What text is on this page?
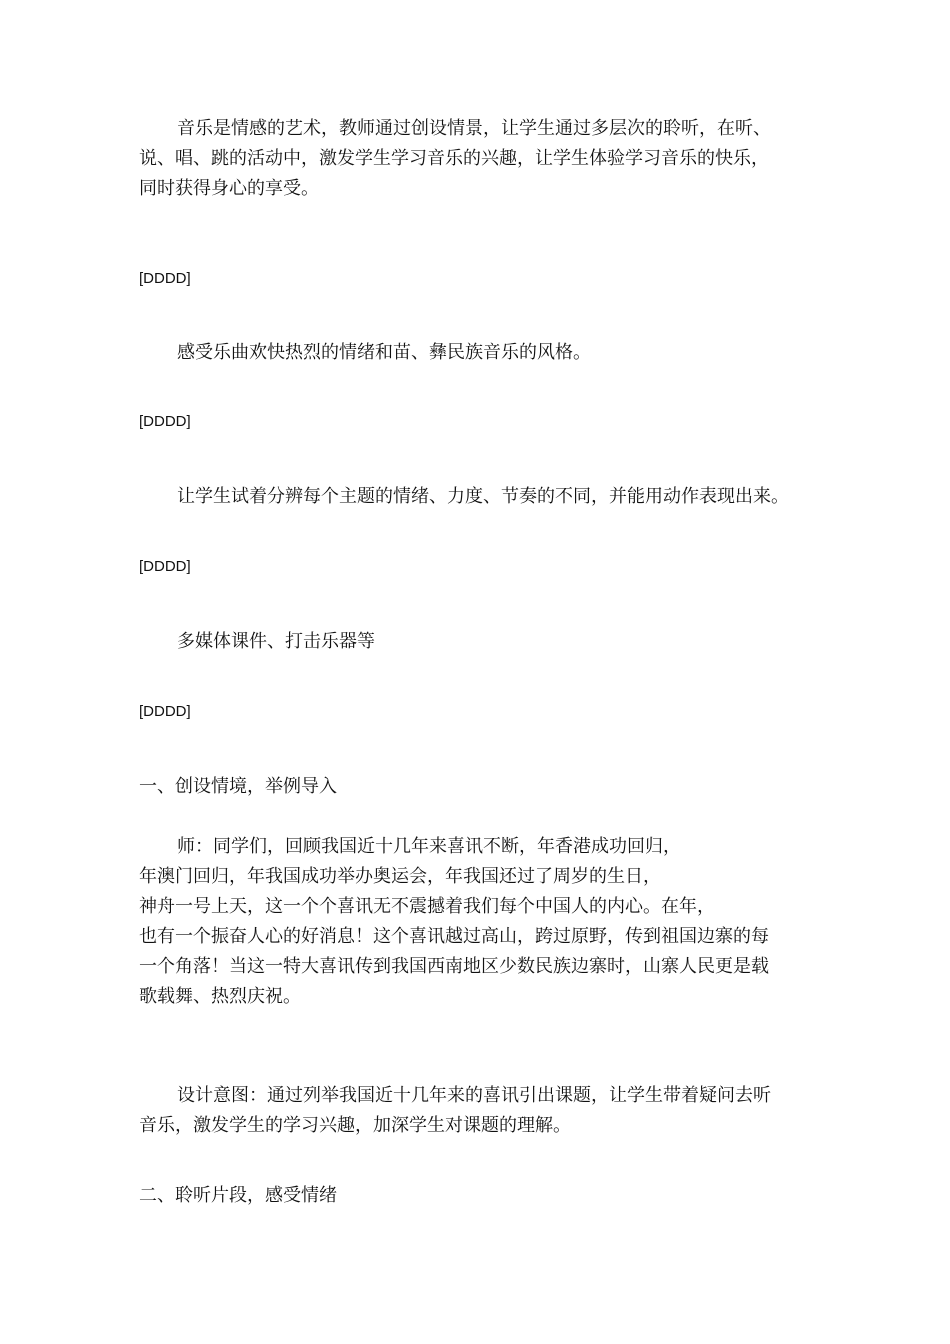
音乐是情感的艺术，教师通过创设情景，让学生通过多层次的聆听，在听、
说、唱、跳的活动中，激发学生学习音乐的兴趣，让学生体验学习音乐的快乐，
同时获得身心的享受。

[DDDD]

感受乐曲欢快热烈的情绪和苗、彝民族音乐的风格。

[DDDD]

让学生试着分辨每个主题的情绪、力度、节奏的不同，并能用动作表现出来。

[DDDD]

多媒体课件、打击乐器等

[DDDD]

一、创设情境，举例导入

师：同学们，回顾我国近十几年来喜讯不断，年香港成功回归，
年澳门回归，年我国成功举办奥运会，年我国还过了周岁的生日，
神舟一号上天，这一个个喜讯无不震撼着我们每个中国人的内心。在年，
也有一个振奋人心的好消息！这个喜讯越过高山，跨过原野，传到祖国边寨的每
一个角落！当这一特大喜讯传到我国西南地区少数民族边寨时，山寨人民更是载
歌载舞、热烈庆祝。

设计意图：通过列举我国近十几年来的喜讯引出课题，让学生带着疑问去听
音乐，激发学生的学习兴趣，加深学生对课题的理解。

二、聆听片段，感受情绪
